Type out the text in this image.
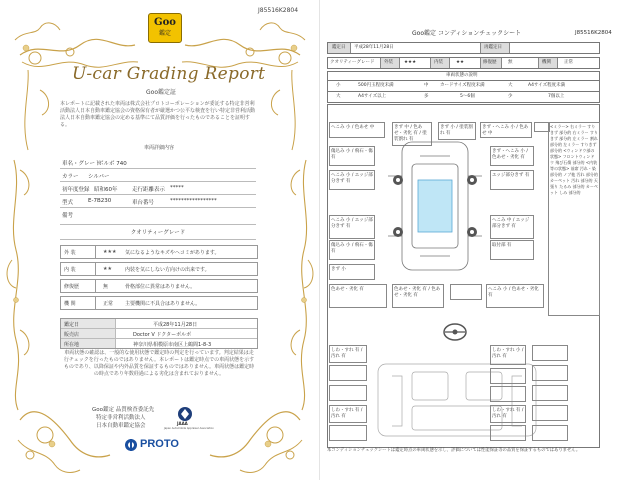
J85516K2804
Goo
鑑定
U-car Grading Report
Goo鑑定証
本レポートに記載された車両は株式会社プロトコーポレーションが委託する特定非営利活動法人日本自動車鑑定協会の資格保有者が厳選かつ公平な検査を行い特定非営利活動法人日本自動車鑑定協会の定める基準にて品質評価を行ったものであることを証明する。
車両詳細内容
車名・グレード
ボルボ 740
カラー シルバー
初年度登録 昭和60年	走行距離表示 *****
型式	E-7B230	車台番号	*****************
備考
クオリティーグレード
外 装	★★★ 気になるようなキズやヘコミがあります。
内 装	★★	内装を気にしない方向けの出来です。
修復歴	無	骨格部位に異常はありません。
機 関	正常 主要機関に不具合はありません。
鑑定日	平成28年11月28日
販売店	Doctor V ドクターボルボ
所在地	神奈川県相模原市南区上鶴間1-8-3
車両状態の確認は、一般的な使用状態で鑑定時の判定を行っています。判定結果は走行チェックを行ったものではありません。本レポートは鑑定時点での車両状態を示すものであり、以降保証や内外品質を保証するものではありません。車両状態は鑑定時の時点であり年数経過による劣化は含まれておりません。
Goo鑑定 品質検査委託先
特定非営利活動法人
日本自動車鑑定協会	JAAA
Japan Automobile Appraiser Association
PROTO
Goo鑑定 コンディションチェックシート	J85516K2804
鑑定日 平成28年11月28日	再鑑定日
クオリティーグレード 外装 ★★★	内装	★★	修復歴	無	機関	正常
車両状態の説明
小	500円玉程度未満	中	カードサイズ程度未満	大	A4サイズ程度未満
大	A4サイズ以上	多	5〜6個	少	7個以上
へこみ 小 / 色あせ 中	きず 中 / 色あせ・劣化 有 / 塗装割れ 有
きず 小 / 塗装割れ 有
きず・へこみ 小 / 色あせ 中
傷込み 小 / 飛石・傷 有
へこみ 小 / エッジ部分きず 有
きず・へこみ 小 / 色あせ・劣化 有
エッジ部分きず 有
へこみ 小 / エッジ部分きず 有
へこみ 中 / エッジ部分きず 有
傷込み 小 / 飛石・傷 有
取付部 有
きず 小
色あせ・劣化 有	色あせ・劣化 有 / 色あせ・劣化 有
へこみ 小 / 色あせ・劣化 有
<ミラー> 右ミラー すりきず 部分的 右ミラー すりきず 部分的 左ミラー 割れ 部分的 左ミラー すりきず 部分的 <ウィンドウ部の状態> フロントウィンドウ 飛び石傷 部分的 <内装等の状態> 前席 汚れ・染 部分的 ノブ他 汚れ 部分的 カーペット 汚れ 部分的 天張り たるみ 部分的 カーペット しみ 部分的
しわ・すれ 有 / 汚れ 有
しわ・すれ 有 / 汚れ 有
しわ・すれ 小 / 汚れ 有
しわ・すれ 有 / 汚れ 有
本コンディションチェックシートは鑑定時点の車両状態を示し、評価については性能保証等の品質を保証するものではありません。
